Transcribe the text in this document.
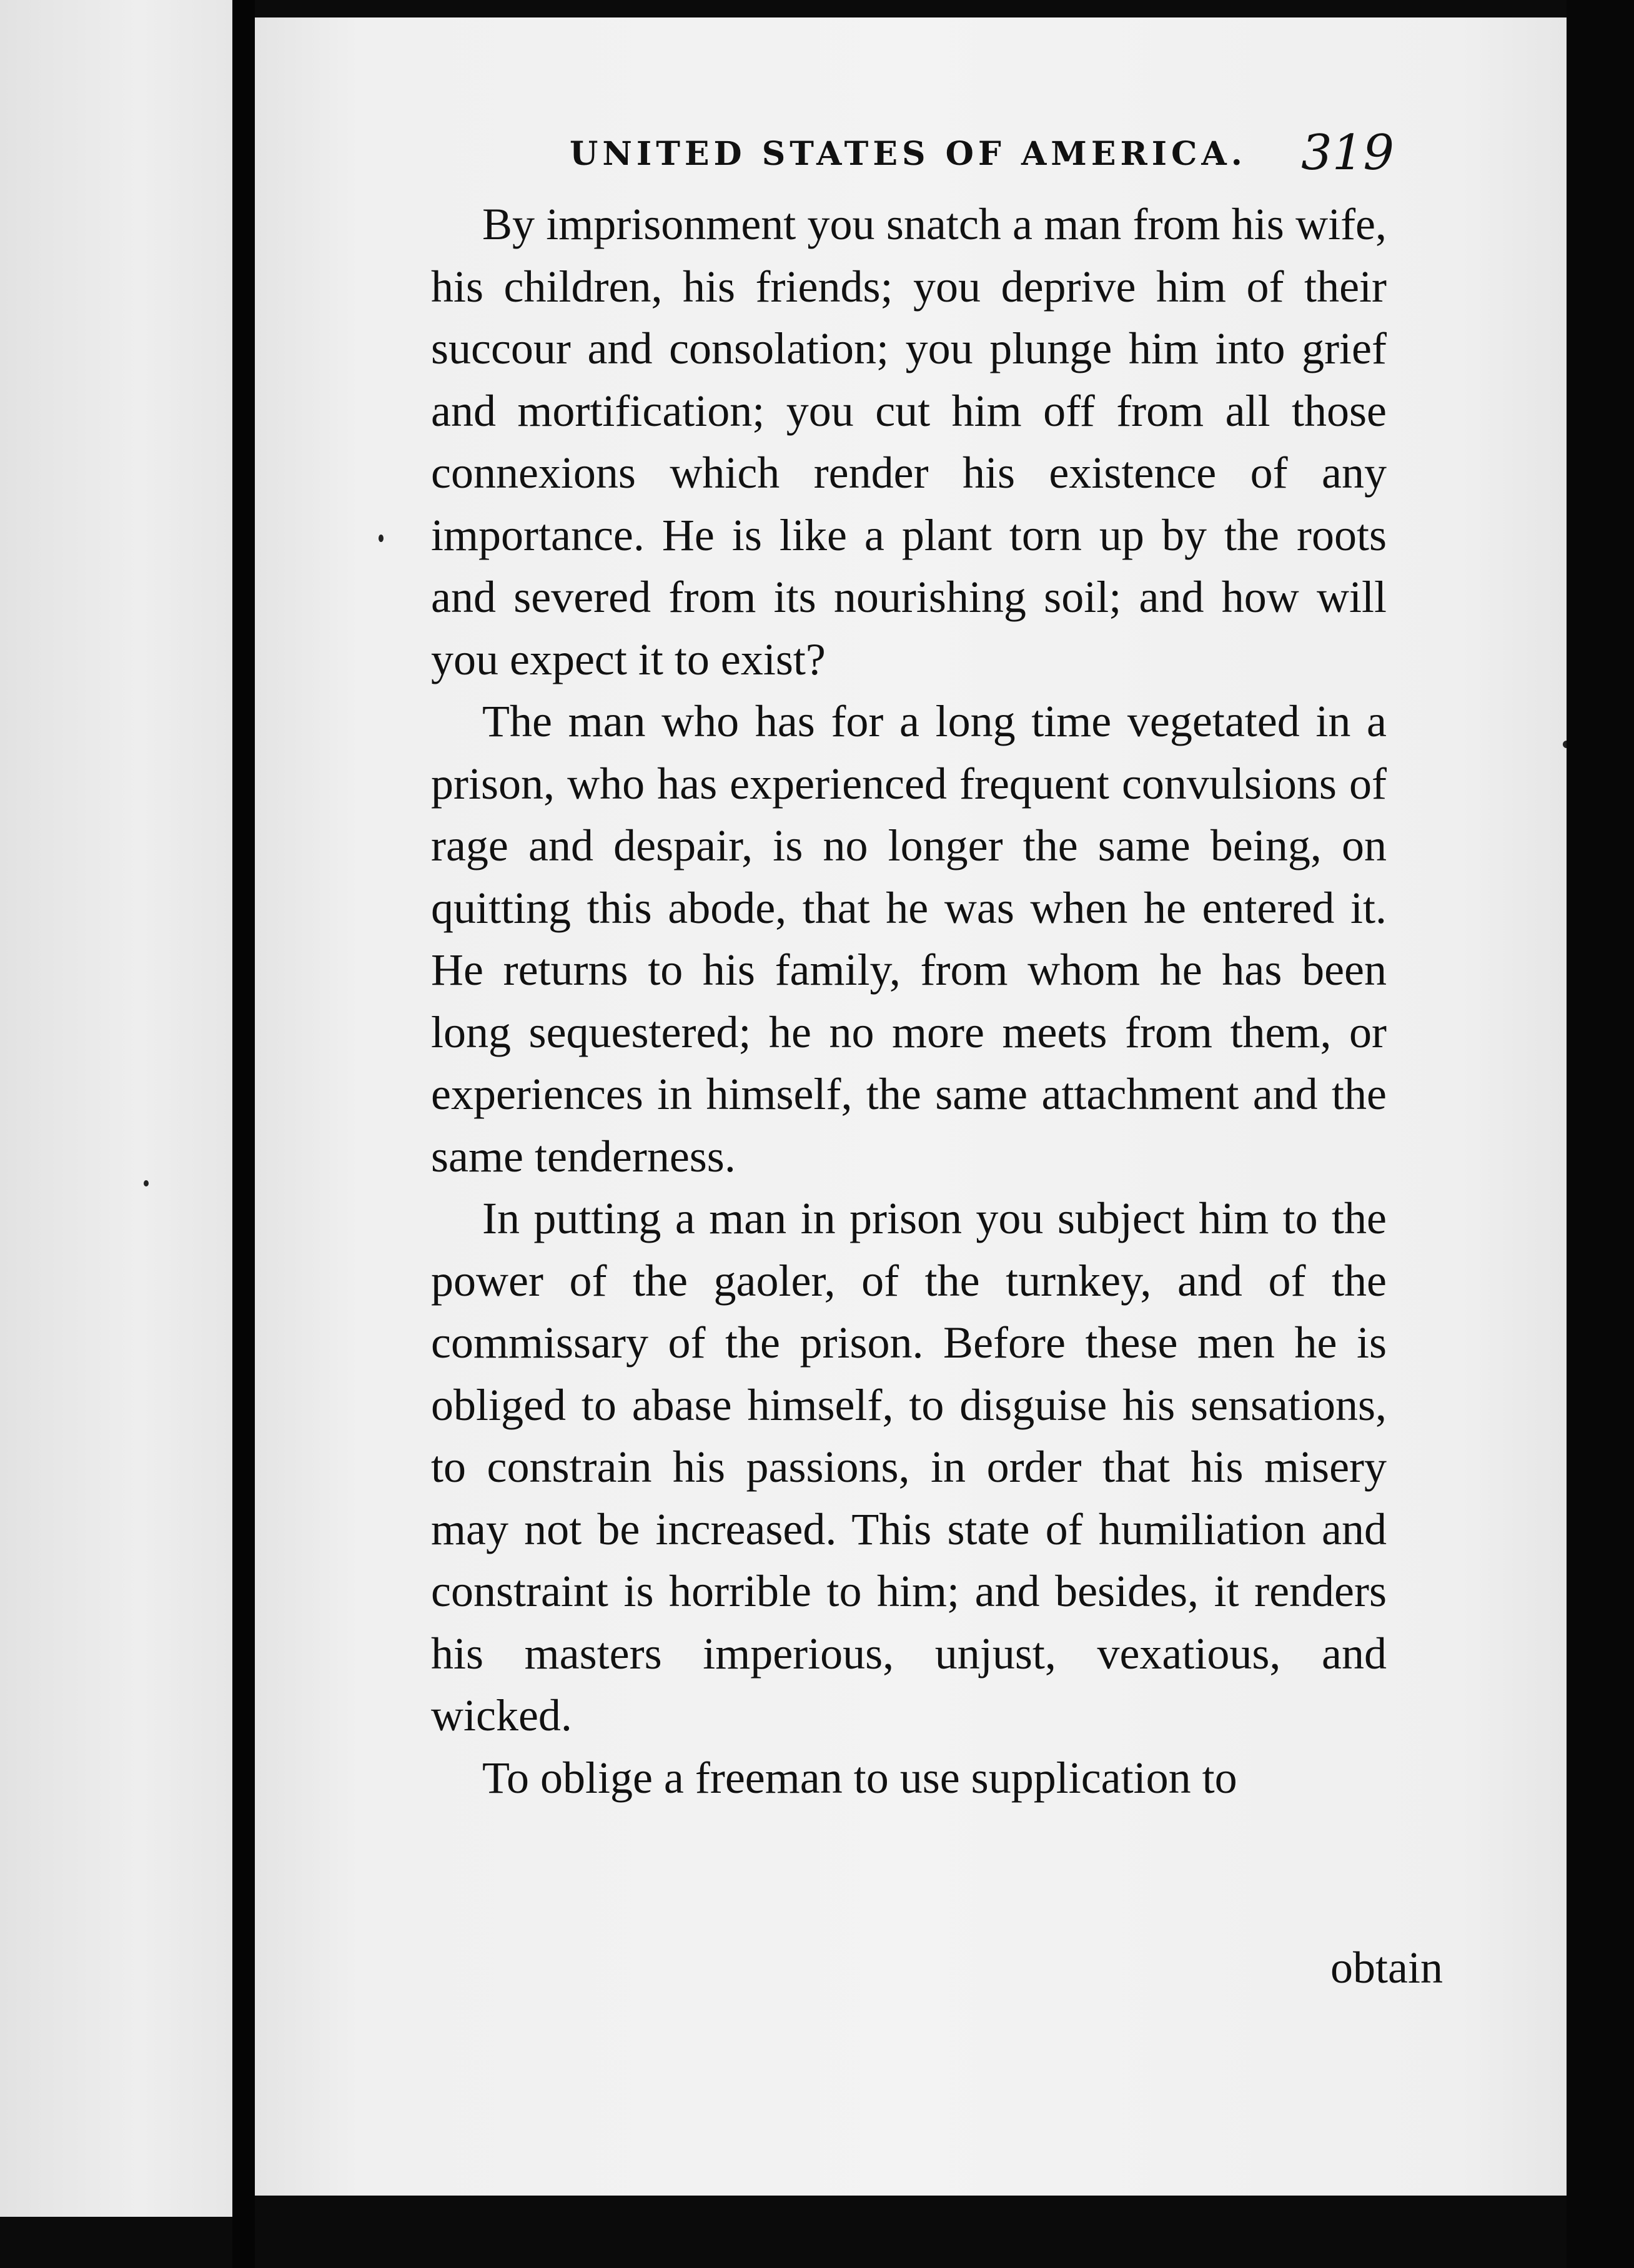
UNITED STATES OF AMERICA. 319

By imprisonment you snatch a man from his wife, his children, his friends; you deprive him of their succour and consolation; you plunge him into grief and mortification; you cut him off from all those connexions which render his existence of any importance. He is like a plant torn up by the roots and severed from its nourishing soil; and how will you expect it to exist?

The man who has for a long time vegetated in a prison, who has experienced frequent convulsions of rage and despair, is no longer the same being, on quitting this abode, that he was when he entered it. He returns to his family, from whom he has been long sequestered; he no more meets from them, or experiences in himself, the same attachment and the same tenderness.

In putting a man in prison you subject him to the power of the gaoler, of the turnkey, and of the commissary of the prison. Before these men he is obliged to abase himself, to disguise his sensations, to constrain his passions, in order that his misery may not be increased. This state of humiliation and constraint is horrible to him; and besides, it renders his masters imperious, unjust, vexatious, and wicked.

To oblige a freeman to use supplication to

obtain
